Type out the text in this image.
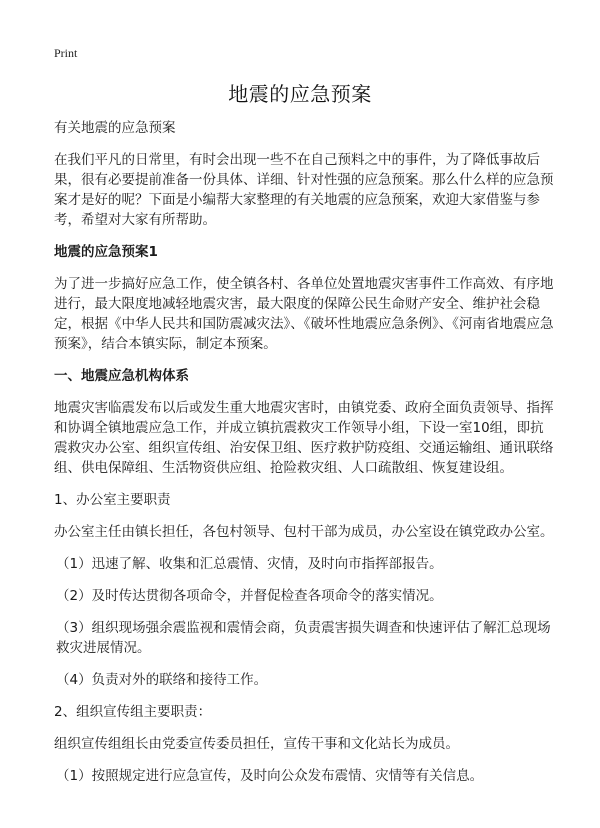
Print
地震的应急预案

有关地震的应急预案

在我们平凡的日常里，有时会出现一些不在自己预料之中的事件，为了降低事故后果，很有必要提前准备一份具体、详细、针对性强的应急预案。那么什么样的应急预案才是好的呢？下面是小编帮大家整理的有关地震的应急预案，欢迎大家借鉴与参考，希望对大家有所帮助。

地震的应急预案1

为了进一步搞好应急工作，使全镇各村、各单位处置地震灾害事件工作高效、有序地进行，最大限度地减轻地震灾害，最大限度的保障公民生命财产安全、维护社会稳定，根据《中华人民共和国防震减灾法》、《破坏性地震应急条例》、《河南省地震应急预案》，结合本镇实际，制定本预案。

一、地震应急机构体系

地震灾害临震发布以后或发生重大地震灾害时，由镇党委、政府全面负责领导、指挥和协调全镇地震应急工作，并成立镇抗震救灾工作领导小组，下设一室10组，即抗震救灾办公室、组织宣传组、治安保卫组、医疗救护防疫组、交通运输组、通讯联络组、供电保障组、生活物资供应组、抢险救灾组、人口疏散组、恢复建设组。

1、办公室主要职责

办公室主任由镇长担任，各包村领导、包村干部为成员，办公室设在镇党政办公室。

（1）迅速了解、收集和汇总震情、灾情，及时向市指挥部报告。

（2）及时传达贯彻各项命令，并督促检查各项命令的落实情况。

（3）组织现场强余震监视和震情会商，负责震害损失调查和快速评估了解汇总现场救灾进展情况。

（4）负责对外的联络和接待工作。

2、组织宣传组主要职责：

组织宣传组组长由党委宣传委员担任，宣传干事和文化站长为成员。

（1）按照规定进行应急宣传，及时向公众发布震情、灾情等有关信息。
